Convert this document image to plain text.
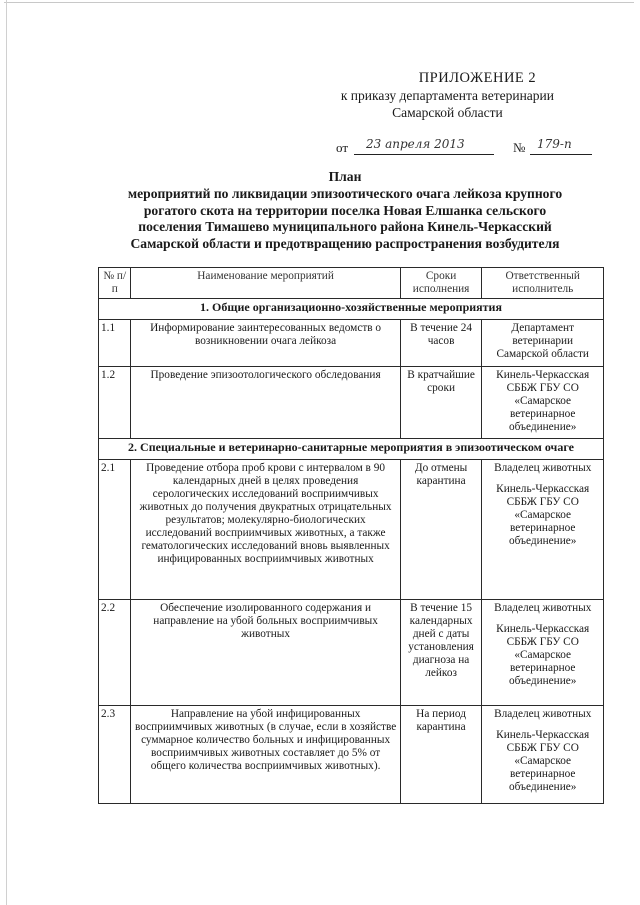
ПРИЛОЖЕНИЕ 2
к приказу департамента ветеринарии
Самарской области
от 23 апреля 2013	№ 179-п
План
мероприятий по ликвидации эпизоотического очага лейкоза крупного
рогатого скота на территории поселка Новая Елшанка сельского
поселения Тимашево муниципального района Кинель-Черкасский
Самарской области и предотвращению распространения возбудителя
№ п/п	Наименование мероприятий	Сроки исполнения	Ответственный исполнитель
1. Общие организационно-хозяйственные мероприятия			
1.1	Информирование заинтересованных ведомств о возникновении очага лейкоза	В течение 24 часов	Департамент ветеринарии Самарской области
1.2	Проведение эпизоотологического обследования	В кратчайшие сроки	Кинель-Черкасская СББЖ ГБУ СО «Самарское ветеринарное объединение»
2. Специальные и ветеринарно-санитарные мероприятия в эпизоотическом очаге			
2.1	Проведение отбора проб крови с интервалом в 90 календарных дней в целях проведения серологических исследований восприимчивых животных до получения двукратных отрицательных результатов; молекулярно-биологических исследований восприимчивых животных, а также гематологических исследований вновь выявленных инфицированных восприимчивых животных	До отмены карантина	Владелец животных
Кинель-Черкасская СББЖ ГБУ СО «Самарское ветеринарное объединение»

2.2	Обеспечение изолированного содержания и направление на убой больных восприимчивых животных	В течение 15 календарных дней с даты установления диагноза на лейкоз	Владелец животных
Кинель-Черкасская СББЖ ГБУ СО «Самарское ветеринарное объединение»

2.3	Направление на убой инфицированных восприимчивых животных (в случае, если в хозяйстве суммарное количество больных и инфицированных восприимчивых животных составляет до 5% от общего количества восприимчивых животных).	На период карантина	Владелец животных
Кинель-Черкасская СББЖ ГБУ СО «Самарское ветеринарное объединение»
